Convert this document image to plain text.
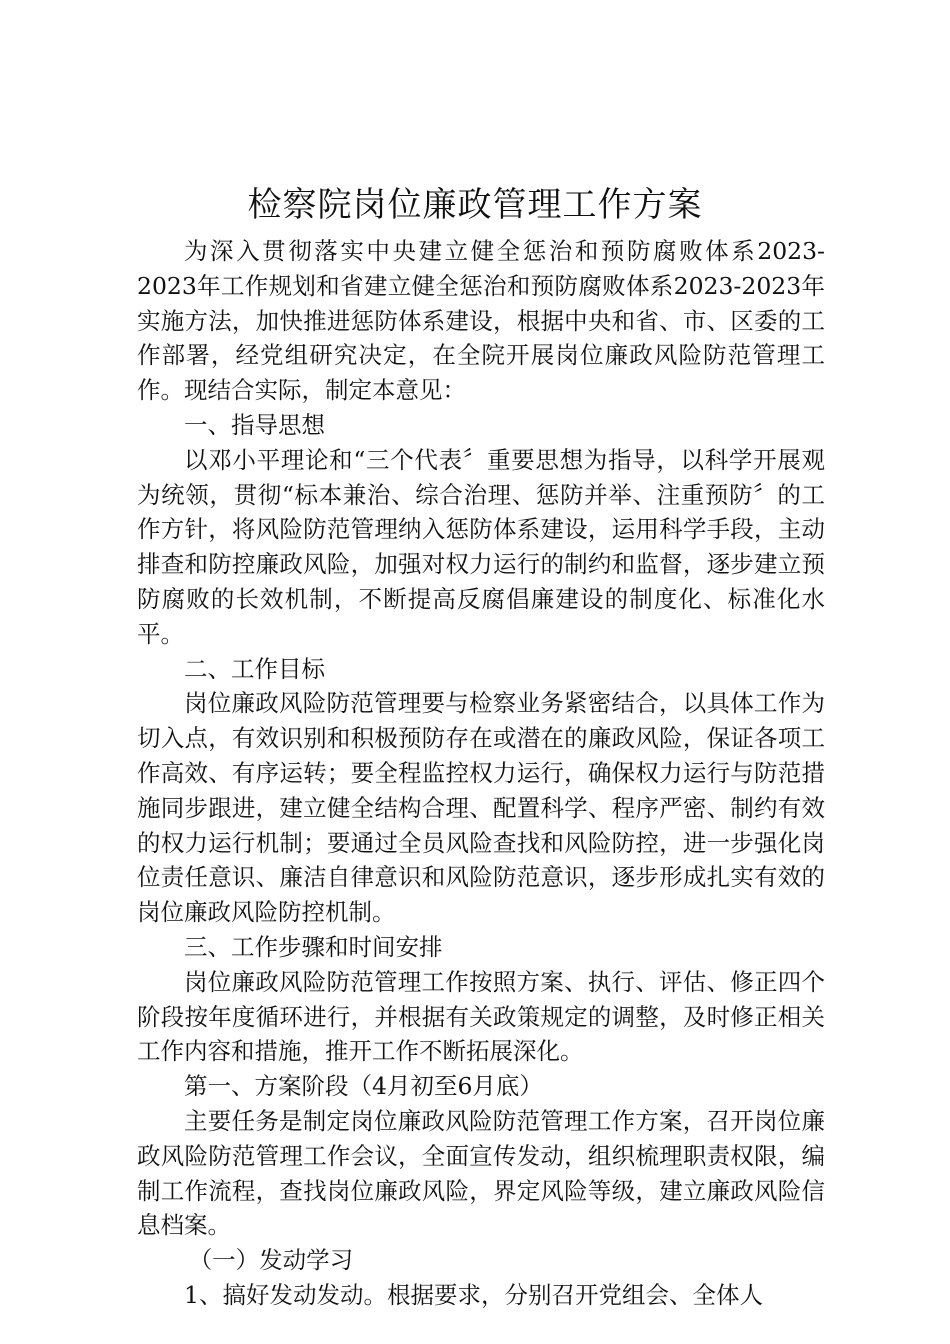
检察院岗位廉政管理工作方案

为深入贯彻落实中央建立健全惩治和预防腐败体系2023-2023年工作规划和省建立健全惩治和预防腐败体系2023-2023年实施方法，加快推进惩防体系建设，根据中央和省、市、区委的工作部署，经党组研究决定，在全院开展岗位廉政风险防范管理工作。现结合实际，制定本意见：

一、指导思想

以邓小平理论和“三个代表〞重要思想为指导，以科学开展观为统领，贯彻“标本兼治、综合治理、惩防并举、注重预防〞的工作方针，将风险防范管理纳入惩防体系建设，运用科学手段，主动排查和防控廉政风险，加强对权力运行的制约和监督，逐步建立预防腐败的长效机制，不断提高反腐倡廉建设的制度化、标准化水平。

二、工作目标

岗位廉政风险防范管理要与检察业务紧密结合，以具体工作为切入点，有效识别和积极预防存在或潜在的廉政风险，保证各项工作高效、有序运转；要全程监控权力运行，确保权力运行与防范措施同步跟进，建立健全结构合理、配置科学、程序严密、制约有效的权力运行机制；要通过全员风险查找和风险防控，进一步强化岗位责任意识、廉洁自律意识和风险防范意识，逐步形成扎实有效的岗位廉政风险防控机制。

三、工作步骤和时间安排

岗位廉政风险防范管理工作按照方案、执行、评估、修正四个阶段按年度循环进行，并根据有关政策规定的调整，及时修正相关工作内容和措施，推开工作不断拓展深化。

第一、方案阶段（4月初至6月底）

主要任务是制定岗位廉政风险防范管理工作方案，召开岗位廉政风险防范管理工作会议，全面宣传发动，组织梳理职责权限，编制工作流程，查找岗位廉政风险，界定风险等级，建立廉政风险信息档案。

（一）发动学习

1、搞好发动发动。根据要求，分别召开党组会、全体人
